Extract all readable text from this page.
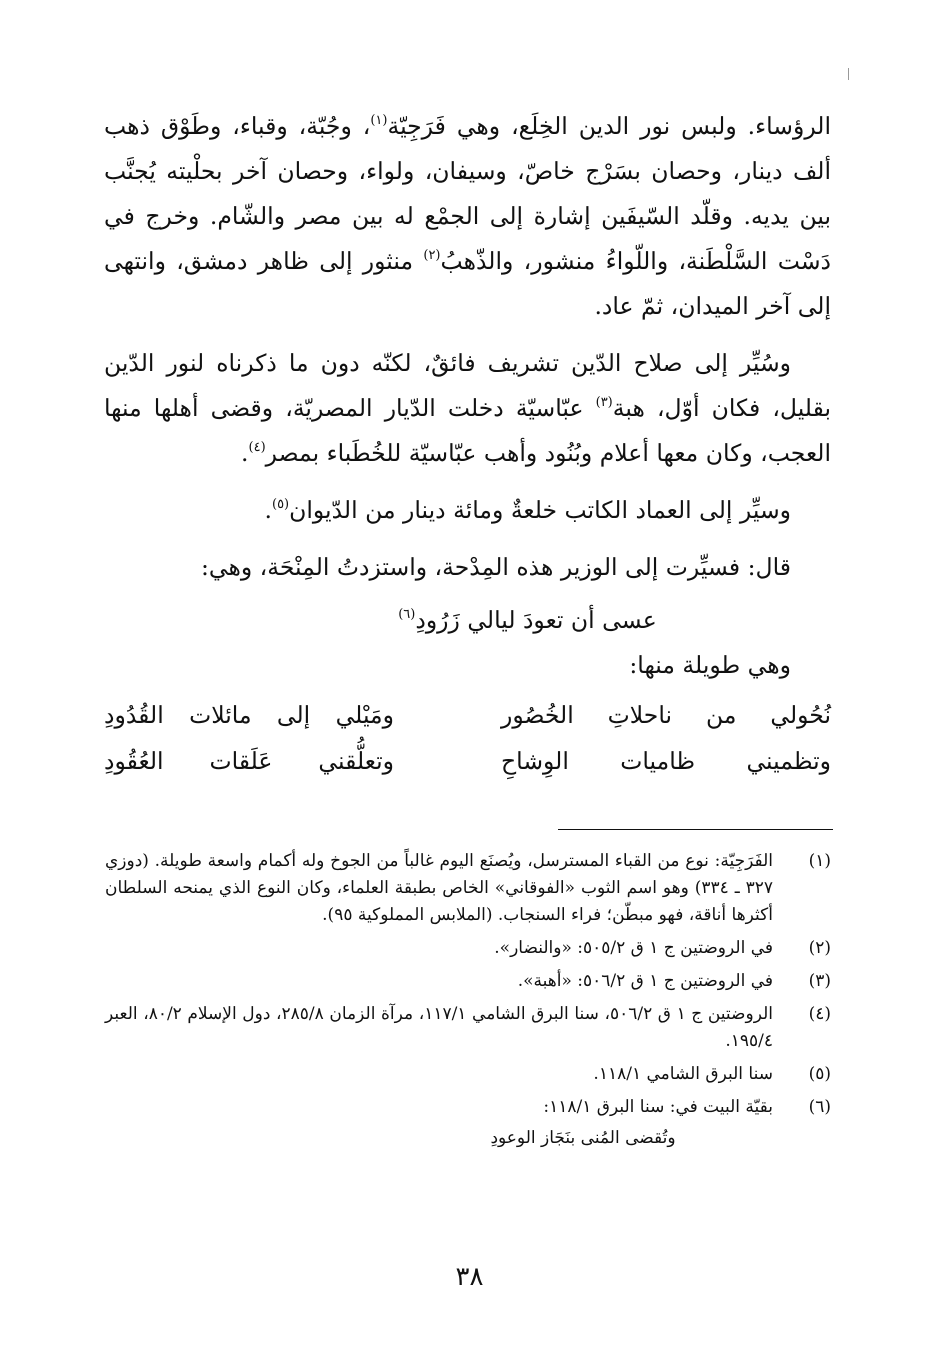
الرؤساء. ولبس نور الدين الخِلَع، وهي فَرَجِيّة$^{(١)}$، وجُبّة، وقباء، وطَوْق ذهب ألف دينار، وحصان بسَرْج خاصّ، وسيفان، ولواء، وحصان آخر بحلْيته يُجنَّب بين يديه. وقلّد السّيفَين إشارة إلى الجمْع له بين مصر والشّام. وخرج في دَسْت السَّلْطَنة، واللّواءُ منشور، والذّهبُ$^{(٢)}$ منثور إلى ظاهر دمشق، وانتهى إلى آخر الميدان، ثمّ عاد.

وسُيِّر إلى صلاح الدّين تشريف فائقٌ، لكنّه دون ما ذكرناه لنور الدّين بقليل، فكان أوّل، هبة$^{(٣)}$ عبّاسيّة دخلت الدّيار المصريّة، وقضى أهلها منها العجب، وكان معها أعلام وبُنُود وأهب عبّاسيّة للخُطَباء بمصر$^{(٤)}$.

وسيِّر إلى العماد الكاتب خلعةٌ ومائة دينار من الدّيوان$^{(٥)}$.

قال: فسيِّرت إلى الوزير هذه المِدْحة، واستزدتُ المِنْحَة، وهي:

عسى أن تعودَ ليالي زَرُودِ$^{(٦)}$

وهي طويلة منها:

نُحُولي من ناحلاتِ الخُصُور
ومَيْلي إلى مائلات القُدُودِ
وتظميني ظاميات الوِشاحِ
وتعلُّقني عَلَقات العُقُودِ
(١)
الفَرَجِيّة: نوع من القباء المسترسل، ويُصنَع اليوم غالباً من الجوخ وله أكمام واسعة طويلة. (دوزي ٣٢٧ ـ ٣٣٤) وهو اسم الثوب «الفوقاني» الخاص بطبقة العلماء، وكان النوع الذي يمنحه السلطان أكثرها أناقة، فهو مبطّن؛ فراء السنجاب. (الملابس المملوكية ٩٥).
(٢)
في الروضتين ج ١ ق ٥٠٥/٢: «والنضار».
(٣)
في الروضتين ج ١ ق ٥٠٦/٢: «أهبة».
(٤)
الروضتين ج ١ ق ٥٠٦/٢، سنا البرق الشامي ١١٧/١، مرآة الزمان ٢٨٥/٨، دول الإسلام ٨٠/٢، العبر ١٩٥/٤.
(٥)
سنا البرق الشامي ١١٨/١.
(٦)
بقيّة البيت في: سنا البرق ١١٨/١:
وتُقضى المُنى بنَجَاز الوعودِ
٣٨
